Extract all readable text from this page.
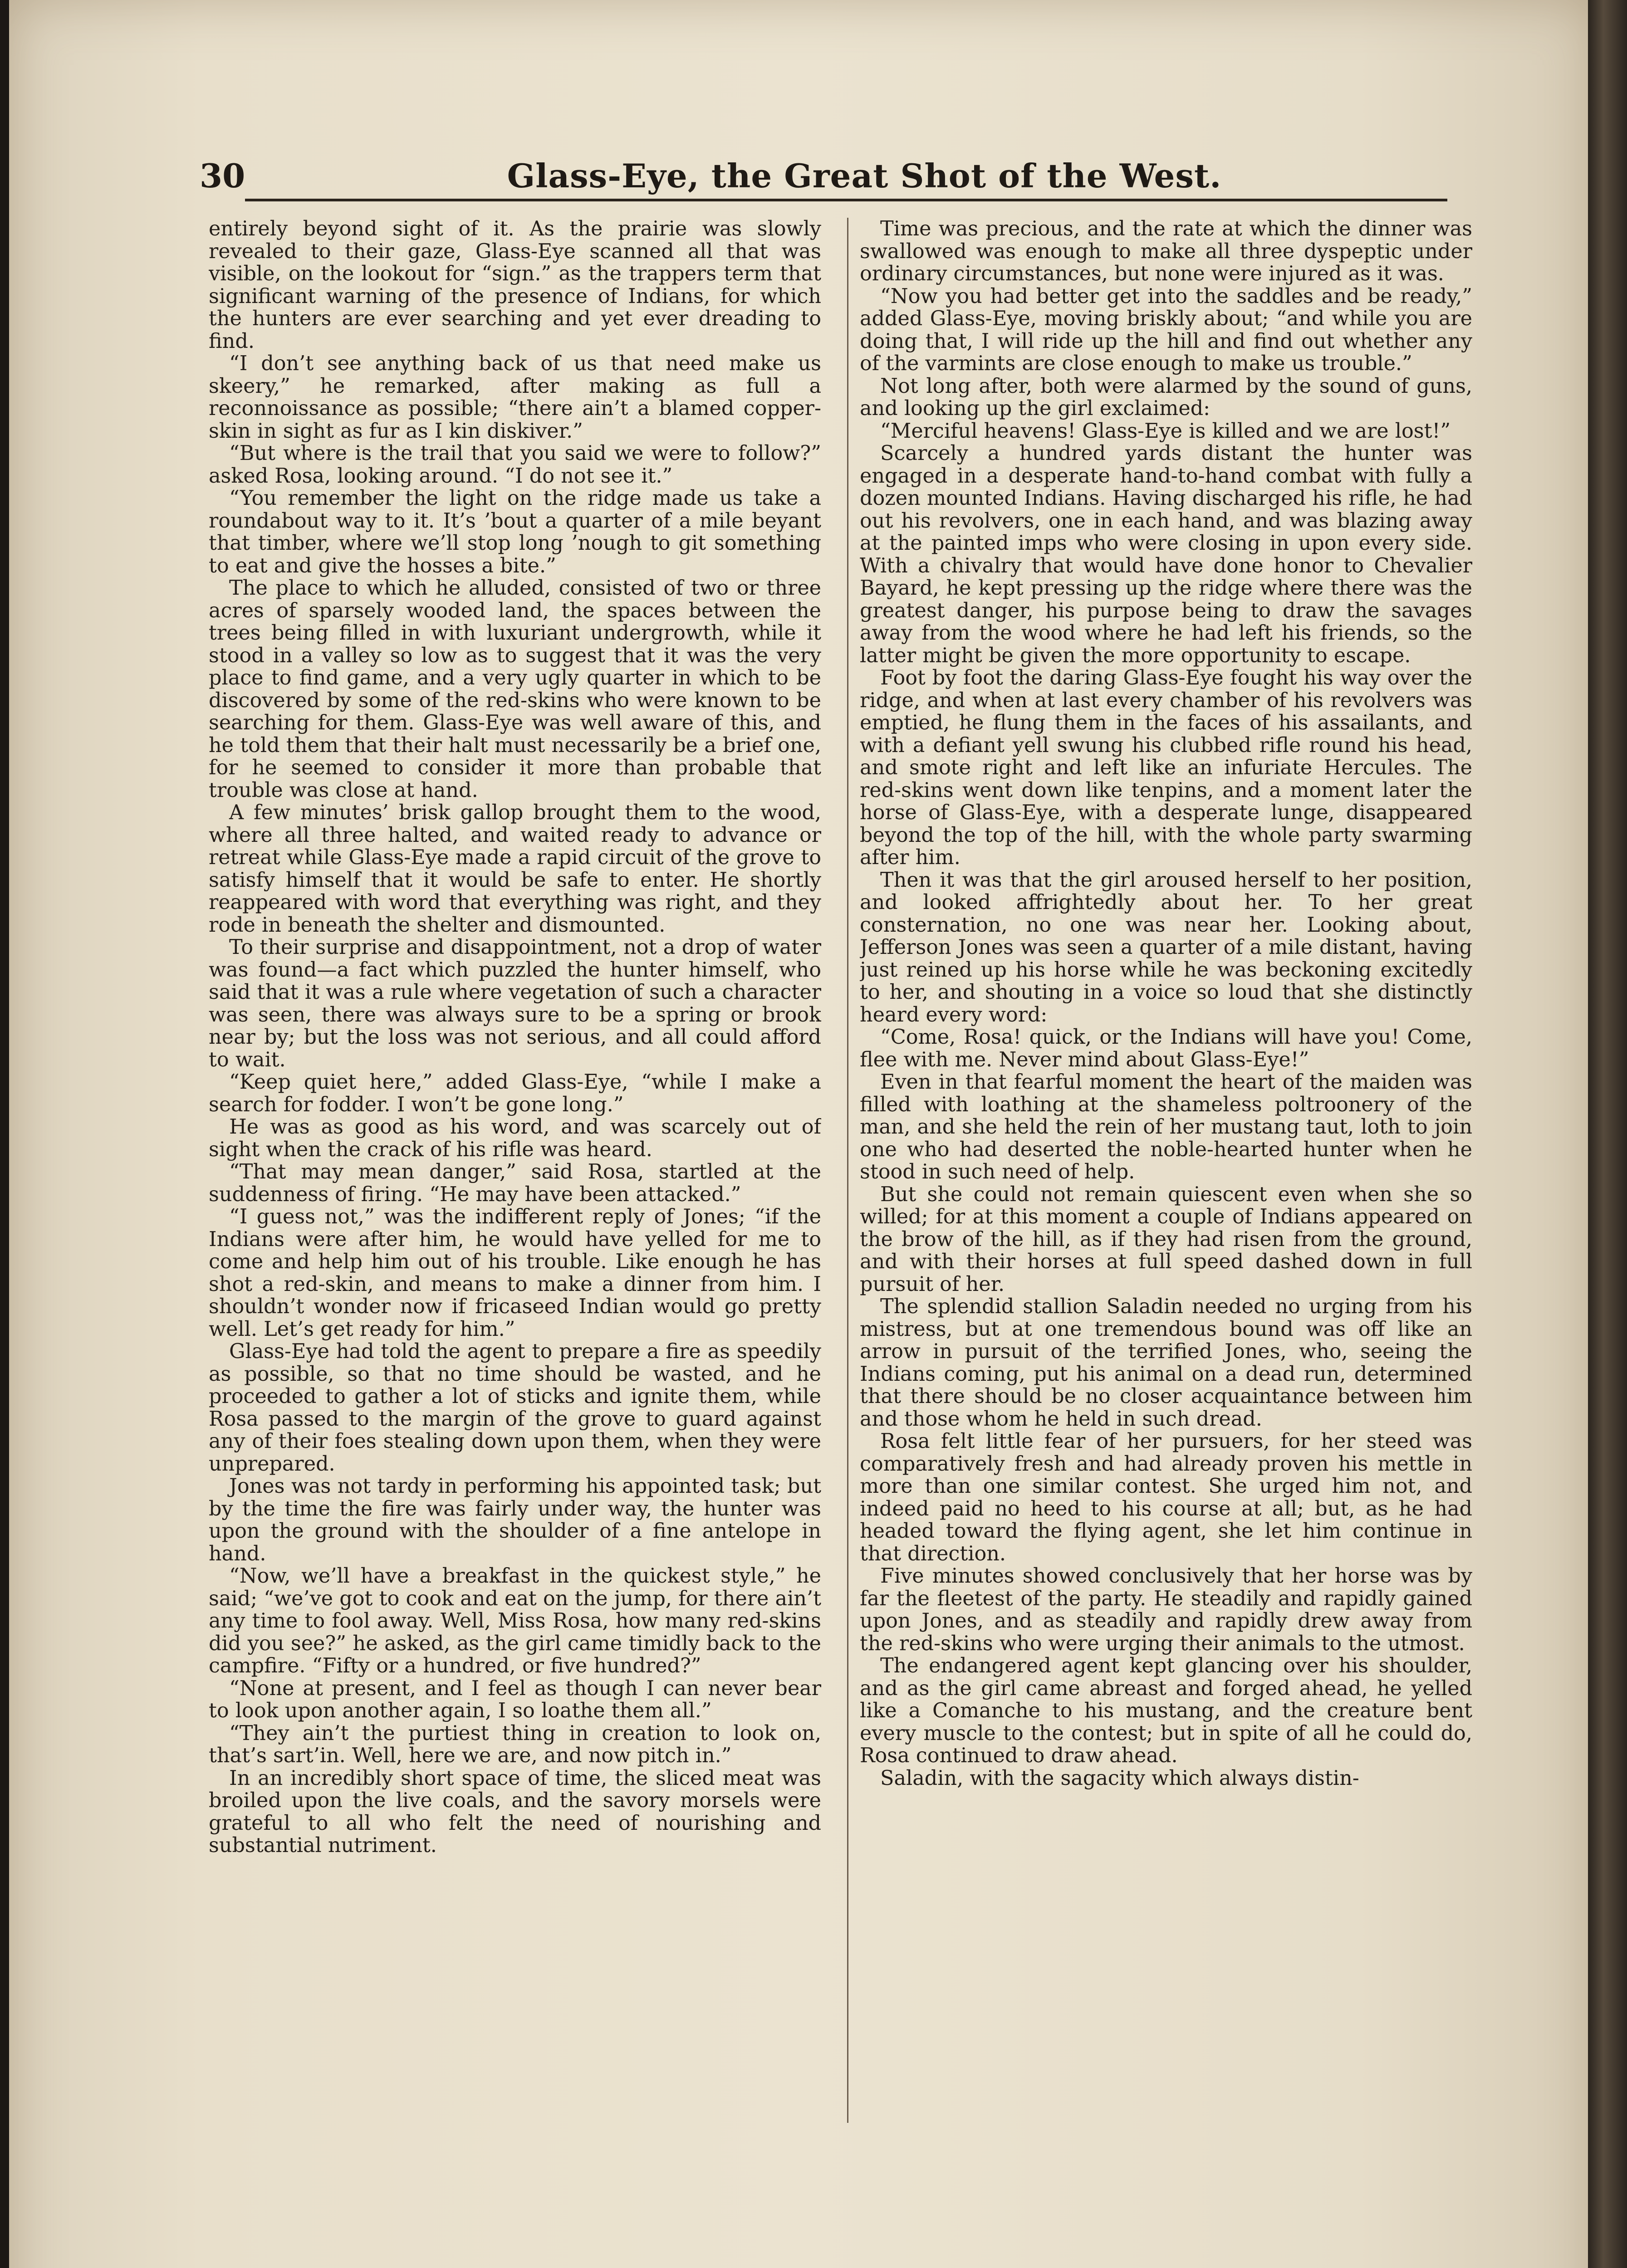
30	Glass-Eye, the Great Shot of the West.

entirely beyond sight of it. As the prairie was slowly revealed to their gaze, Glass-Eye scanned all that was visible, on the lookout for “sign.” as the trappers term that significant warning of the presence of Indians, for which the hunters are ever searching and yet ever dreading to find.

“I don’t see anything back of us that need make us skeery,” he remarked, after making as full a reconnoissance as possible; “there ain’t a blamed copper-skin in sight as fur as I kin diskiver.”

“But where is the trail that you said we were to follow?” asked Rosa, looking around. “I do not see it.”

“You remember the light on the ridge made us take a roundabout way to it. It’s ’bout a quarter of a mile beyant that timber, where we’ll stop long ’nough to git something to eat and give the hosses a bite.”

The place to which he alluded, consisted of two or three acres of sparsely wooded land, the spaces between the trees being filled in with luxuriant undergrowth, while it stood in a valley so low as to suggest that it was the very place to find game, and a very ugly quarter in which to be discovered by some of the red-skins who were known to be searching for them. Glass-Eye was well aware of this, and he told them that their halt must necessarily be a brief one, for he seemed to consider it more than probable that trouble was close at hand.

A few minutes’ brisk gallop brought them to the wood, where all three halted, and waited ready to advance or retreat while Glass-Eye made a rapid circuit of the grove to satisfy himself that it would be safe to enter. He shortly reappeared with word that everything was right, and they rode in beneath the shelter and dismounted.

To their surprise and disappointment, not a drop of water was found—a fact which puzzled the hunter himself, who said that it was a rule where vegetation of such a character was seen, there was always sure to be a spring or brook near by; but the loss was not serious, and all could afford to wait.

“Keep quiet here,” added Glass-Eye, “while I make a search for fodder. I won’t be gone long.”

He was as good as his word, and was scarcely out of sight when the crack of his rifle was heard.

“That may mean danger,” said Rosa, startled at the suddenness of firing. “He may have been attacked.”

“I guess not,” was the indifferent reply of Jones; “if the Indians were after him, he would have yelled for me to come and help him out of his trouble. Like enough he has shot a red-skin, and means to make a dinner from him. I shouldn’t wonder now if fricaseed Indian would go pretty well. Let’s get ready for him.”

Glass-Eye had told the agent to prepare a fire as speedily as possible, so that no time should be wasted, and he proceeded to gather a lot of sticks and ignite them, while Rosa passed to the margin of the grove to guard against any of their foes stealing down upon them, when they were unprepared.

Jones was not tardy in performing his appointed task; but by the time the fire was fairly under way, the hunter was upon the ground with the shoulder of a fine antelope in hand.

“Now, we’ll have a breakfast in the quickest style,” he said; “we’ve got to cook and eat on the jump, for there ain’t any time to fool away. Well, Miss Rosa, how many red-skins did you see?” he asked, as the girl came timidly back to the campfire. “Fifty or a hundred, or five hundred?”

“None at present, and I feel as though I can never bear to look upon another again, I so loathe them all.”

“They ain’t the purtiest thing in creation to look on, that’s sart’in. Well, here we are, and now pitch in.”

In an incredibly short space of time, the sliced meat was broiled upon the live coals, and the savory morsels were grateful to all who felt the need of nourishing and substantial nutriment.

Time was precious, and the rate at which the dinner was swallowed was enough to make all three dyspeptic under ordinary circumstances, but none were injured as it was.

“Now you had better get into the saddles and be ready,” added Glass-Eye, moving briskly about; “and while you are doing that, I will ride up the hill and find out whether any of the varmints are close enough to make us trouble.”

Not long after, both were alarmed by the sound of guns, and looking up the girl exclaimed:

“Merciful heavens! Glass-Eye is killed and we are lost!”

Scarcely a hundred yards distant the hunter was engaged in a desperate hand-to-hand combat with fully a dozen mounted Indians. Having discharged his rifle, he had out his revolvers, one in each hand, and was blazing away at the painted imps who were closing in upon every side. With a chivalry that would have done honor to Chevalier Bayard, he kept pressing up the ridge where there was the greatest danger, his purpose being to draw the savages away from the wood where he had left his friends, so the latter might be given the more opportunity to escape.

Foot by foot the daring Glass-Eye fought his way over the ridge, and when at last every chamber of his revolvers was emptied, he flung them in the faces of his assailants, and with a defiant yell swung his clubbed rifle round his head, and smote right and left like an infuriate Hercules. The red-skins went down like tenpins, and a moment later the horse of Glass-Eye, with a desperate lunge, disappeared beyond the top of the hill, with the whole party swarming after him.

Then it was that the girl aroused herself to her position, and looked affrightedly about her. To her great consternation, no one was near her. Looking about, Jefferson Jones was seen a quarter of a mile distant, having just reined up his horse while he was beckoning excitedly to her, and shouting in a voice so loud that she distinctly heard every word:

“Come, Rosa! quick, or the Indians will have you! Come, flee with me. Never mind about Glass-Eye!”

Even in that fearful moment the heart of the maiden was filled with loathing at the shameless poltroonery of the man, and she held the rein of her mustang taut, loth to join one who had deserted the noble-hearted hunter when he stood in such need of help.

But she could not remain quiescent even when she so willed; for at this moment a couple of Indians appeared on the brow of the hill, as if they had risen from the ground, and with their horses at full speed dashed down in full pursuit of her.

The splendid stallion Saladin needed no urging from his mistress, but at one tremendous bound was off like an arrow in pursuit of the terrified Jones, who, seeing the Indians coming, put his animal on a dead run, determined that there should be no closer acquaintance between him and those whom he held in such dread.

Rosa felt little fear of her pursuers, for her steed was comparatively fresh and had already proven his mettle in more than one similar contest. She urged him not, and indeed paid no heed to his course at all; but, as he had headed toward the flying agent, she let him continue in that direction.

Five minutes showed conclusively that her horse was by far the fleetest of the party. He steadily and rapidly gained upon Jones, and as steadily and rapidly drew away from the red-skins who were urging their animals to the utmost.

The endangered agent kept glancing over his shoulder, and as the girl came abreast and forged ahead, he yelled like a Comanche to his mustang, and the creature bent every muscle to the contest; but in spite of all he could do, Rosa continued to draw ahead.

Saladin, with the sagacity which always distin-
